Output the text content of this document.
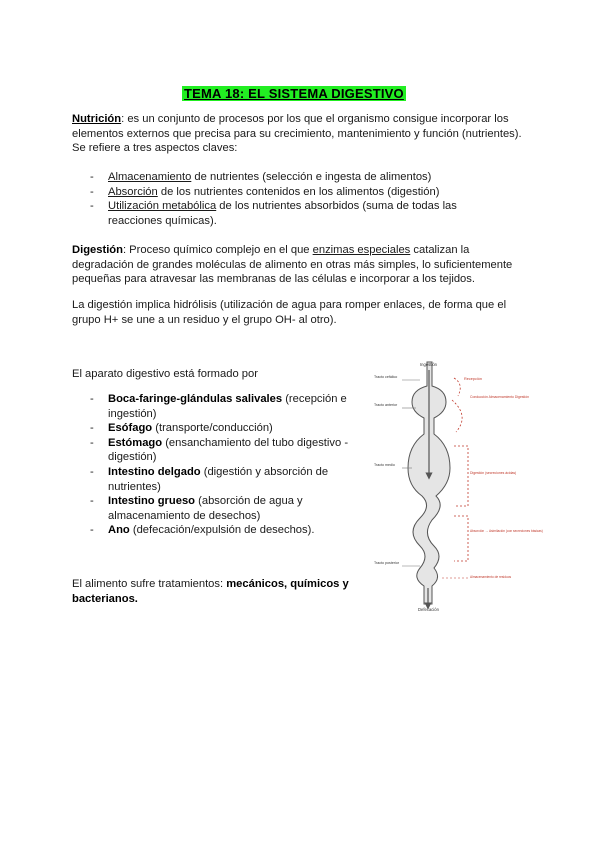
TEMA 18: EL SISTEMA DIGESTIVO
Nutrición: es un conjunto de procesos por los que el organismo consigue incorporar los elementos externos que precisa para su crecimiento, mantenimiento y función (nutrientes). Se refiere a tres aspectos claves:
- Almacenamiento de nutrientes (selección e ingesta de alimentos)
- Absorción de los nutrientes contenidos en los alimentos (digestión)
- Utilización metabólica de los nutrientes absorbidos (suma de todas las reacciones químicas).
Digestión: Proceso químico complejo en el que enzimas especiales catalizan la degradación de grandes moléculas de alimento en otras más simples, lo suficientemente pequeñas para atravesar las membranas de las células e incorporar a los tejidos.
La digestión implica hidrólisis (utilización de agua para romper enlaces, de forma que el grupo H+ se une a un residuo y el grupo OH- al otro).
El aparato digestivo está formado por
- Boca-faringe-glándulas salivales (recepción e ingestión)
- Esófago (transporte/conducción)
- Estómago (ensanchamiento del tubo digestivo - digestión)
- Intestino delgado (digestión y absorción de nutrientes)
- Intestino grueso (absorción de agua y almacenamiento de desechos)
- Ano (defecación/expulsión de desechos).
El alimento sufre tratamientos: mecánicos, químicos y bacterianos.
Ingestión
Defecación
Tracto cefálico
Tracto anterior
Tracto medio
Tracto posterior
Recepción
Conducción Almacenamiento Digestión
Digestión (secreciones ácidas)
Absorción → Asimilación (con secreciones básicas)
Almacenamiento de residuos
